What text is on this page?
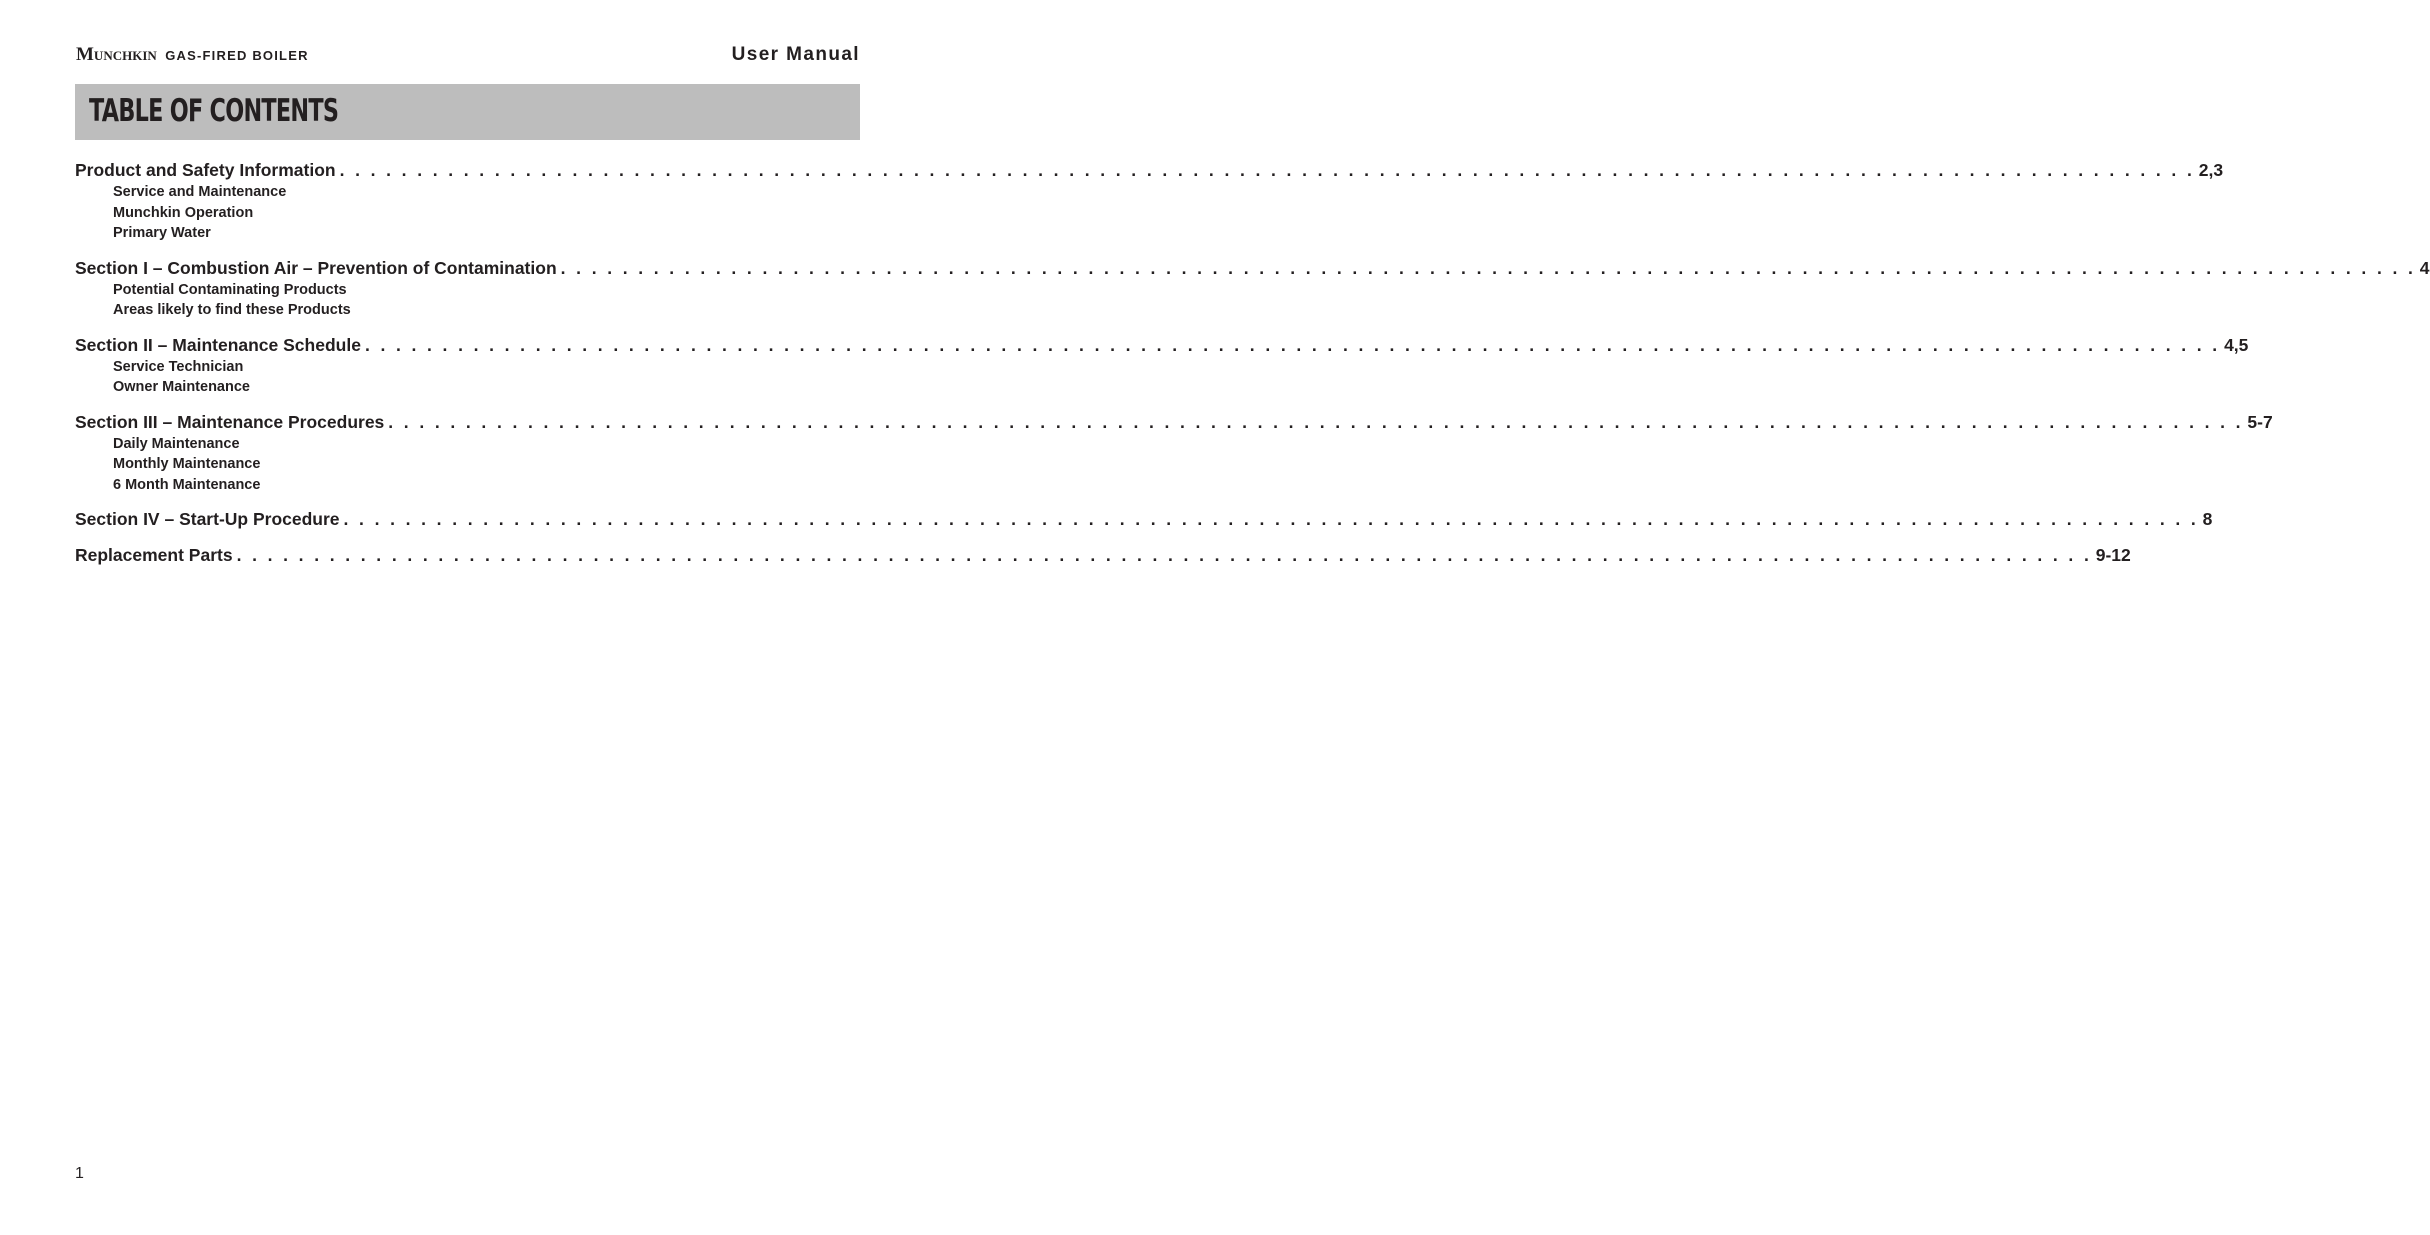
Munchkin GAS-FIRED BOILER	User Manual
TABLE OF CONTENTS
Product and Safety Information . . . . . . . . . . . . . . . . . . . . . . . . . . . . . . . . . . . . . . . . . . . . . . . . . . . . . . . . . . . . . . . . . . . . . . . . . . . . . . . . . . . . . . . . . . . . . . . . . . . . . . . . . . . . . . . . . . . . . . . . 2,3
Service and Maintenance
Munchkin Operation
Primary Water
Section I – Combustion Air – Prevention of Contamination . . . . . . . . . . . . . . . . . . . . . . . . . . . . . . . . . . . . . . . . . . . . . . . . . . . . . . . . . . . . . . . . . . . . . . . . . . . . . . . . . . . . . . . . . . . . . . . . . . . . . . . . . . . . . . . . . . . . . . . . 4
Potential Contaminating Products
Areas likely to find these Products
Section II – Maintenance Schedule . . . . . . . . . . . . . . . . . . . . . . . . . . . . . . . . . . . . . . . . . . . . . . . . . . . . . . . . . . . . . . . . . . . . . . . . . . . . . . . . . . . . . . . . . . . . . . . . . . . . . . . . . . . . . . . . . . . . . . . . 4,5
Service Technician
Owner Maintenance
Section III – Maintenance Procedures . . . . . . . . . . . . . . . . . . . . . . . . . . . . . . . . . . . . . . . . . . . . . . . . . . . . . . . . . . . . . . . . . . . . . . . . . . . . . . . . . . . . . . . . . . . . . . . . . . . . . . . . . . . . . . . . . . . . . . . . 5-7
Daily Maintenance
Monthly Maintenance
6 Month Maintenance
Section IV – Start-Up Procedure . . . . . . . . . . . . . . . . . . . . . . . . . . . . . . . . . . . . . . . . . . . . . . . . . . . . . . . . . . . . . . . . . . . . . . . . . . . . . . . . . . . . . . . . . . . . . . . . . . . . . . . . . . . . . . . . . . . . . . . . 8
Replacement Parts . . . . . . . . . . . . . . . . . . . . . . . . . . . . . . . . . . . . . . . . . . . . . . . . . . . . . . . . . . . . . . . . . . . . . . . . . . . . . . . . . . . . . . . . . . . . . . . . . . . . . . . . . . . . . . . . . . . . . . . . 9-12
1
